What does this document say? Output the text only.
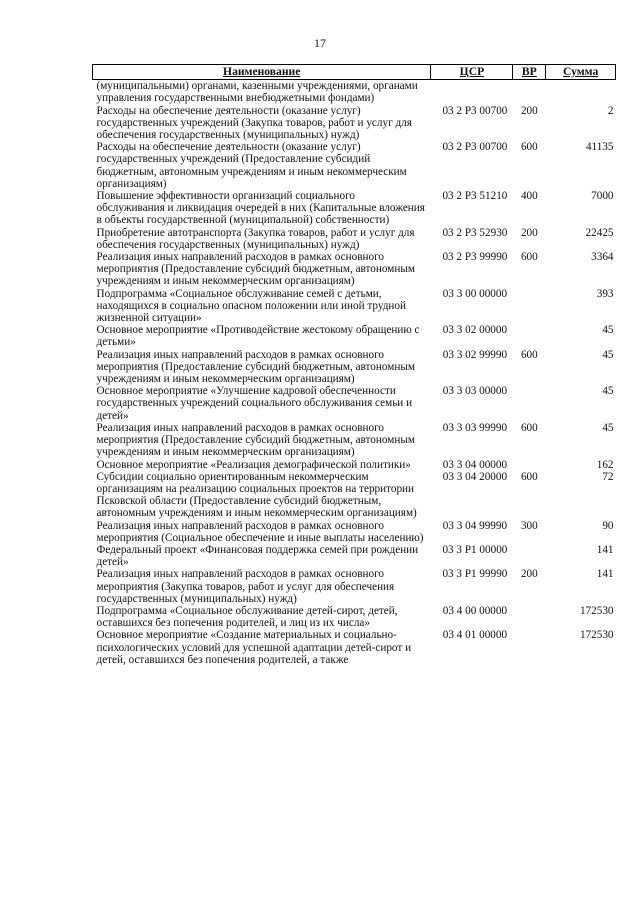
17
Наименование	ЦСР	ВР	Сумма
(муниципальными) органами, казенными учреждениями, органами управления государственными внебюджетными фондами)			
Расходы на обеспечение деятельности (оказание услуг) государственных учреждений (Закупка товаров, работ и услуг для обеспечения государственных (муниципальных) нужд)	03 2 P3 00700	200	2
Расходы на обеспечение деятельности (оказание услуг) государственных учреждений (Предоставление субсидий бюджетным, автономным учреждениям и иным некоммерческим организациям)	03 2 P3 00700	600	41135
Повышение эффективности организаций социального обслуживания и ликвидация очередей в них (Капитальные вложения в объекты государственной (муниципальной) собственности)	03 2 P3 51210	400	7000
Приобретение автотранспорта (Закупка товаров, работ и услуг для обеспечения государственных (муниципальных) нужд)	03 2 P3 52930	200	22425
Реализация иных направлений расходов в рамках основного мероприятия (Предоставление субсидий бюджетным, автономным учреждениям и иным некоммерческим организациям)	03 2 P3 99990	600	3364
Подпрограмма «Социальное обслуживание семей с детьми, находящихся в социально опасном положении или иной трудной жизненной ситуации»	03 3 00 00000		393
Основное мероприятие «Противодействие жестокому обращению с детьми»	03 3 02 00000		45
Реализация иных направлений расходов в рамках основного мероприятия (Предоставление субсидий бюджетным, автономным учреждениям и иным некоммерческим организациям)	03 3 02 99990	600	45
Основное мероприятие «Улучшение кадровой обеспеченности государственных учреждений социального обслуживания семьи и детей»	03 3 03 00000		45
Реализация иных направлений расходов в рамках основного мероприятия (Предоставление субсидий бюджетным, автономным учреждениям и иным некоммерческим организациям)	03 3 03 99990	600	45
Основное мероприятие «Реализация демографической политики»	03 3 04 00000		162
Субсидии социально ориентированным некоммерческим организациям на реализацию социальных проектов на территории Псковской области (Предоставление субсидий бюджетным, автономным учреждениям и иным некоммерческим организациям)	03 3 04 20000	600	72
Реализация иных направлений расходов в рамках основного мероприятия (Социальное обеспечение и иные выплаты населению)	03 3 04 99990	300	90
Федеральный проект «Финансовая поддержка семей при рождении детей»	03 3 P1 00000		141
Реализация иных направлений расходов в рамках основного мероприятия (Закупка товаров, работ и услуг для обеспечения государственных (муниципальных) нужд)	03 3 P1 99990	200	141
Подпрограмма «Социальное обслуживание детей-сирот, детей, оставшихся без попечения родителей, и лиц из их числа»	03 4 00 00000		172530
Основное мероприятие «Создание материальных и социально-психологических условий для успешной адаптации детей-сирот и детей, оставшихся без попечения родителей, а также	03 4 01 00000		172530
